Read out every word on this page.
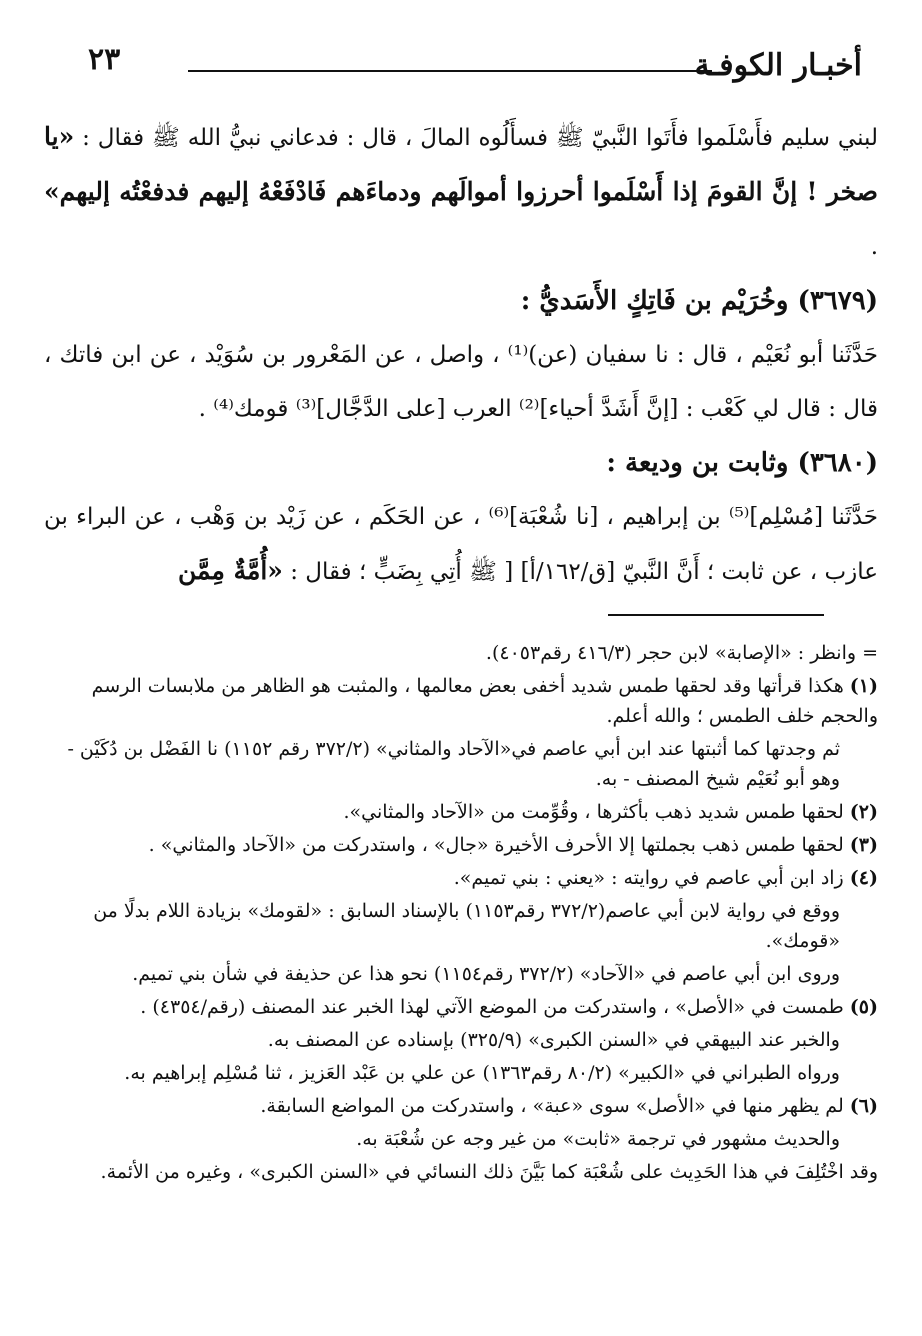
أخبـار الكوفـة
٢٣

لبني سليم فأَسْلَموا فأَتَوا النَّبيّ ﷺ فسأَلُوه المالَ ، قال : فدعاني نبيُّ الله ﷺ فقال : «يا صخر ! إنَّ القومَ إذا أَسْلَموا أحرزوا أموالَهم ودماءَهم فَادْفَعْهُ إليهم فدفعْتُه إليهم» .

(٣٦٧٩) وخُرَيْم بن فَاتِكٍ الأَسَديُّ :

حَدَّثَنا أبو نُعَيْم ، قال : نا سفيان (عن)⁽¹⁾ ، واصل ، عن المَعْرور بن سُوَيْد ، عن ابن فاتك ، قال : قال لي كَعْب : [إنَّ أَشَدَّ أحياء]⁽²⁾ العرب [على الدَّجَّال]⁽³⁾ قومك⁽⁴⁾ .

(٣٦٨٠) وثابت بن وديعة :

حَدَّثَنا [مُسْلِم]⁽⁵⁾ بن إبراهيم ، [نا شُعْبَة]⁽⁶⁾ ، عن الحَكَم ، عن زَيْد بن وَهْب ، عن البراء بن عازب ، عن ثابت ؛ أَنَّ النَّبيّ [ق/١٦٢/أ] [ ﷺ أُتِي بِضَبٍّ ؛ فقال : «أُمَّةٌ مِمَّن

= وانظر : «الإصابة» لابن حجر (٤١٦/٣ رقم٤٠٥٣).

(١) هكذا قرأتها وقد لحقها طمس شديد أخفى بعض معالمها ، والمثبت هو الظاهر من ملابسات الرسم والحجم خلف الطمس ؛ والله أعلم.

ثم وجدتها كما أثبتها عند ابن أبي عاصم في«الآحاد والمثاني» (٣٧٢/٢ رقم ١١٥٢) نا الفَضْل بن دُكَيْن - وهو أبو نُعَيْم شيخ المصنف - به.

(٢) لحقها طمس شديد ذهب بأكثرها ، وقُوِّمت من «الآحاد والمثاني».

(٣) لحقها طمس ذهب بجملتها إلا الأحرف الأخيرة «جال» ، واستدركت من «الآحاد والمثاني» .

(٤) زاد ابن أبي عاصم في روايته : «يعني : بني تميم».

ووقع في رواية لابن أبي عاصم(٣٧٢/٢ رقم١١٥٣) بالإسناد السابق : «لقومك» بزيادة اللام بدلًا من «قومك».

وروى ابن أبي عاصم في «الآحاد» (٣٧٢/٢ رقم١١٥٤) نحو هذا عن حذيفة في شأن بني تميم.

(٥) طمست في «الأصل» ، واستدركت من الموضع الآتي لهذا الخبر عند المصنف (رقم/٤٣٥٤) .

والخبر عند البيهقي في «السنن الكبرى» (٣٢٥/٩) بإسناده عن المصنف به.

ورواه الطبراني في «الكبير» (٨٠/٢ رقم١٣٦٣) عن علي بن عَبْد العَزيز ، ثنا مُسْلِم إبراهيم به.

(٦) لم يظهر منها في «الأصل» سوى «عبة» ، واستدركت من المواضع السابقة.

والحديث مشهور في ترجمة «ثابت» من غير وجه عن شُعْبَة به.

وقد اخْتُلِفَ في هذا الحَدِيث على شُعْبَة كما بَيَّنَ ذلك النسائي في «السنن الكبرى» ، وغيره من الأئمة.
